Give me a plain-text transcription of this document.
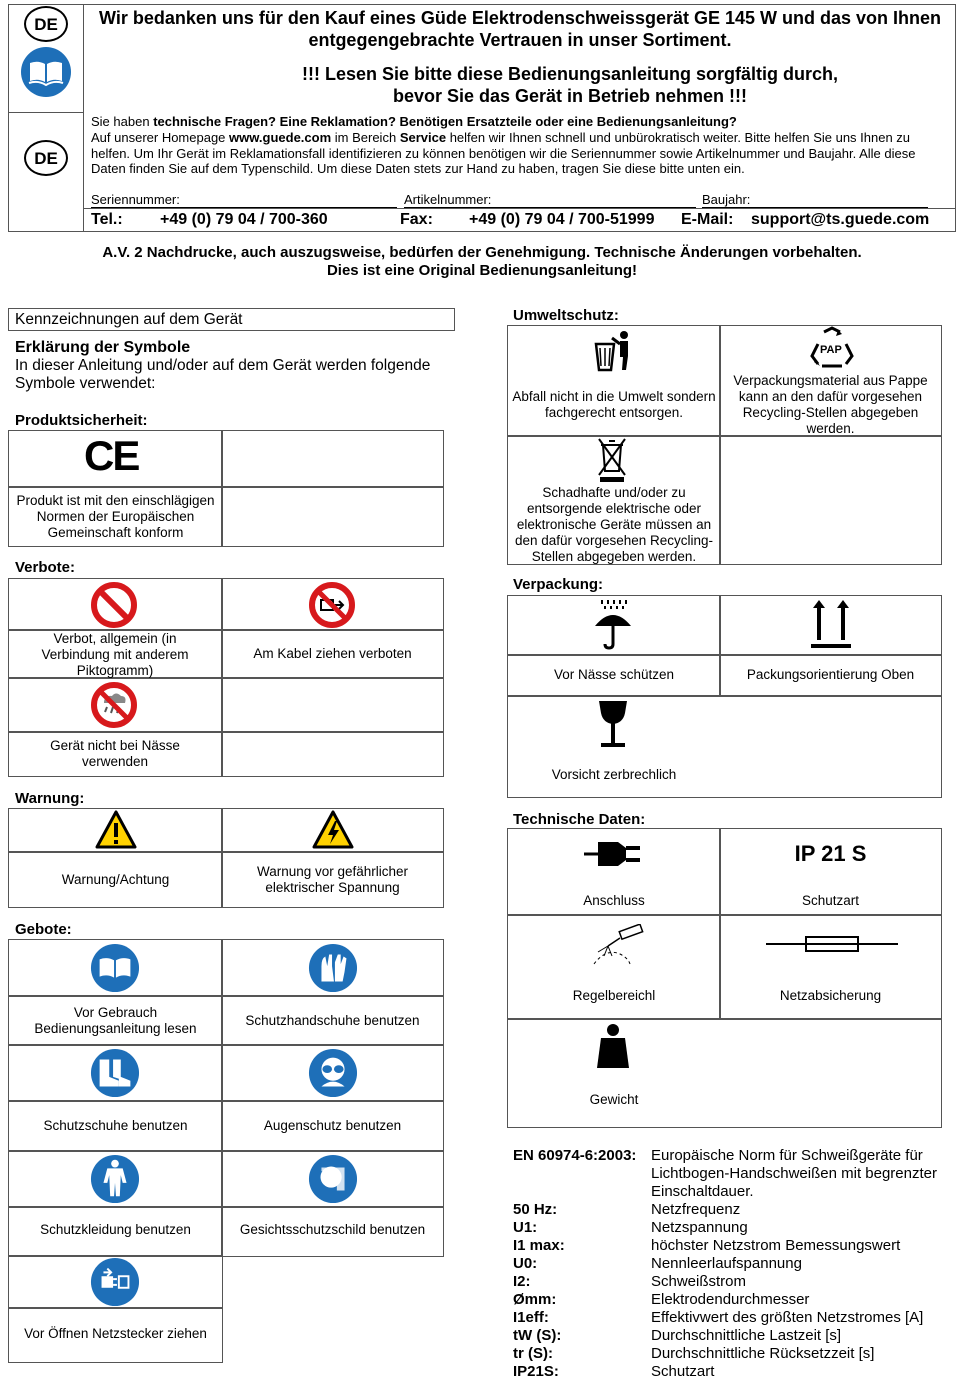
DE
DE
Wir bedanken uns für den Kauf eines Güde Elektrodenschweissgerät GE 145 W und das von Ihnen entgegengebrachte Vertrauen in unser Sortiment.
!!! Lesen Sie bitte diese Bedienungsanleitung sorgfältig durch, bevor Sie das Gerät in Betrieb nehmen !!!
Sie haben technische Fragen? Eine Reklamation? Benötigen Ersatzteile oder eine Bedienungsanleitung?
Auf unserer Homepage www.guede.com im Bereich Service helfen wir Ihnen schnell und unbürokratisch weiter. Bitte helfen Sie uns Ihnen zu helfen. Um Ihr Gerät im Reklamationsfall identifizieren zu können benötigen wir die Seriennummer sowie Artikelnummer und Baujahr. Alle diese Daten finden Sie auf dem Typenschild. Um diese Daten stets zur Hand zu haben, tragen Sie diese bitte unten ein.
Seriennummer:	Artikelnummer:	Baujahr:
Tel.: +49 (0) 79 04 / 700-360	Fax: +49 (0) 79 04 / 700-51999 E-Mail: support@ts.guede.com
A.V. 2 Nachdrucke, auch auszugsweise, bedürfen der Genehmigung. Technische Änderungen vorbehalten.
Dies ist eine Original Bedienungsanleitung!
Kennzeichnungen auf dem Gerät
Erklärung der Symbole
In dieser Anleitung und/oder auf dem Gerät werden folgende Symbole verwendet:
Produktsicherheit:
CE
Produkt ist mit den einschlägigen Normen der Europäischen Gemeinschaft konform
Verbote:
Verbot, allgemein (in Verbindung mit anderem Piktogramm)
Am Kabel ziehen verboten
Gerät nicht bei Nässe verwenden
Warnung:
Warnung/Achtung
Warnung vor gefährlicher elektrischer Spannung
Gebote:
Vor Gebrauch Bedienungsanleitung lesen
Schutzhandschuhe benutzen
Schutzschuhe benutzen	Augenschutz benutzen
Schutzkleidung benutzen	Gesichtsschutzschild benutzen
Vor Öffnen Netzstecker ziehen
Umweltschutz:
PAP
Abfall nicht in die Umwelt sondern fachgerecht entsorgen.
Verpackungsmaterial aus Pappe kann an den dafür vorgesehen Recycling-Stellen abgegeben werden.
Schadhafte und/oder zu entsorgende elektrische oder elektronische Geräte müssen an den dafür vorgesehen Recycling-Stellen abgegeben werden.
Verpackung:
Vor Nässe schützen	Packungsorientierung Oben
Vorsicht zerbrechlich
Technische Daten:
IP 21 S
Anschluss	Schutzart
Regelbereichl	Netzabsicherung
Gewicht
EN 60974-6:2003: Europäische Norm für Schweißgeräte für Lichtbogen-Handschweißen mit begrenzter Einschaltdauer.
50 Hz:	Netzfrequenz
U1:	Netzspannung
I1 max:	höchster Netzstrom Bemessungswert
U0:	Nennleerlaufspannung
I2:	Schweißstrom
Ømm:	Elektrodendurchmesser
I1eff:	Effektivwert des größten Netzstromes [A]
tW (S):	Durchschnittliche Lastzeit [s]
tr (S):	Durchschnittliche Rücksetzzeit [s]
IP21S:	Schutzart
